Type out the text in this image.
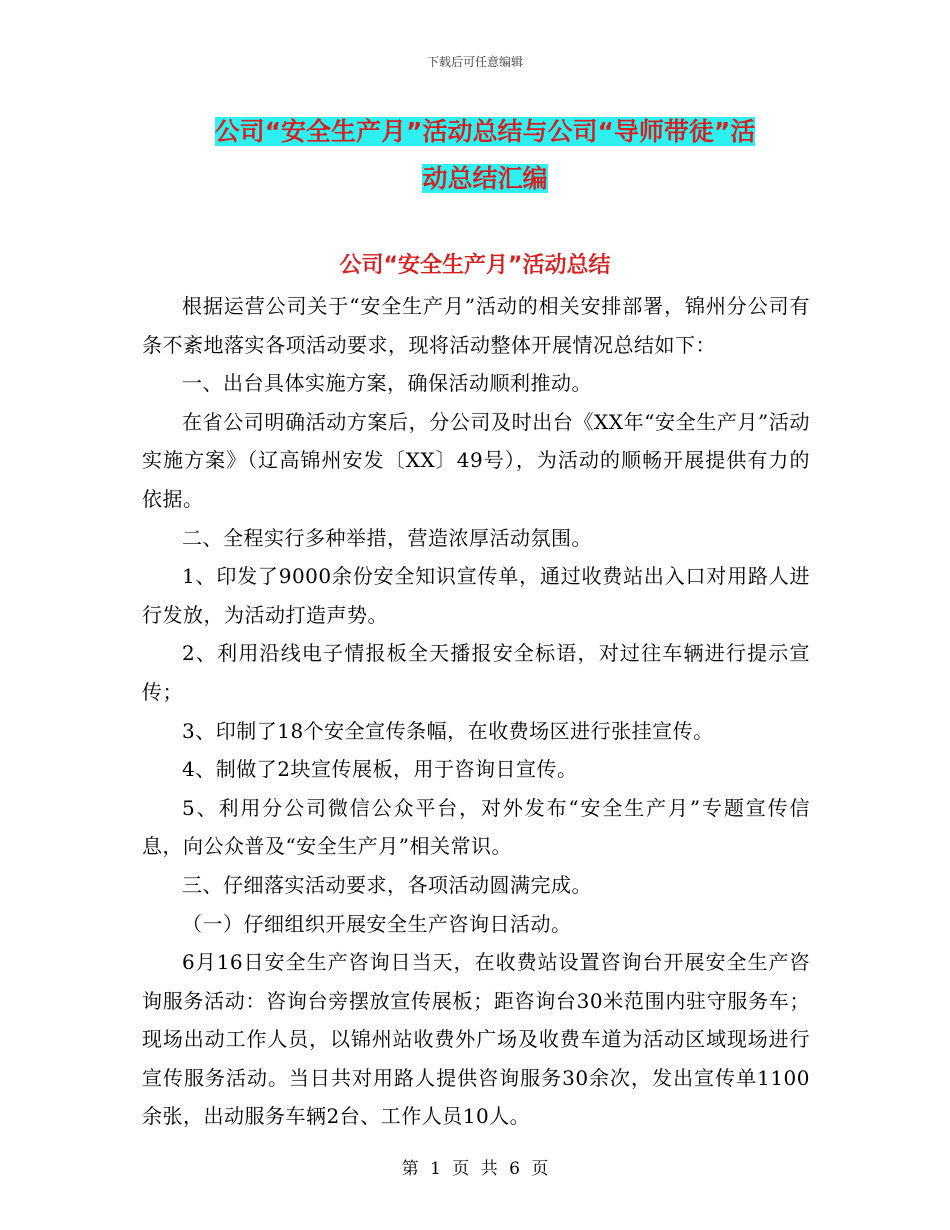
下载后可任意编辑
公司“安全生产月”活动总结与公司“导师带徒”活
动总结汇编
公司“安全生产月”活动总结

根据运营公司关于“安全生产月”活动的相关安排部署，锦州分公司有条不紊地落实各项活动要求，现将活动整体开展情况总结如下：

一、出台具体实施方案，确保活动顺利推动。

在省公司明确活动方案后，分公司及时出台《XX年“安全生产月”活动实施方案》（辽高锦州安发〔XX〕49号），为活动的顺畅开展提供有力的依据。

二、全程实行多种举措，营造浓厚活动氛围。

1、印发了9000余份安全知识宣传单，通过收费站出入口对用路人进行发放，为活动打造声势。

2、利用沿线电子情报板全天播报安全标语，对过往车辆进行提示宣传；

3、印制了18个安全宣传条幅，在收费场区进行张挂宣传。

4、制做了2块宣传展板，用于咨询日宣传。

5、利用分公司微信公众平台，对外发布“安全生产月”专题宣传信息，向公众普及“安全生产月”相关常识。

三、仔细落实活动要求，各项活动圆满完成。

（一）仔细组织开展安全生产咨询日活动。

6月16日安全生产咨询日当天，在收费站设置咨询台开展安全生产咨询服务活动：咨询台旁摆放宣传展板；距咨询台30米范围内驻守服务车；现场出动工作人员，以锦州站收费外广场及收费车道为活动区域现场进行宣传服务活动。当日共对用路人提供咨询服务30余次，发出宣传单1100余张，出动服务车辆2台、工作人员10人。

第 1 页 共 6 页
